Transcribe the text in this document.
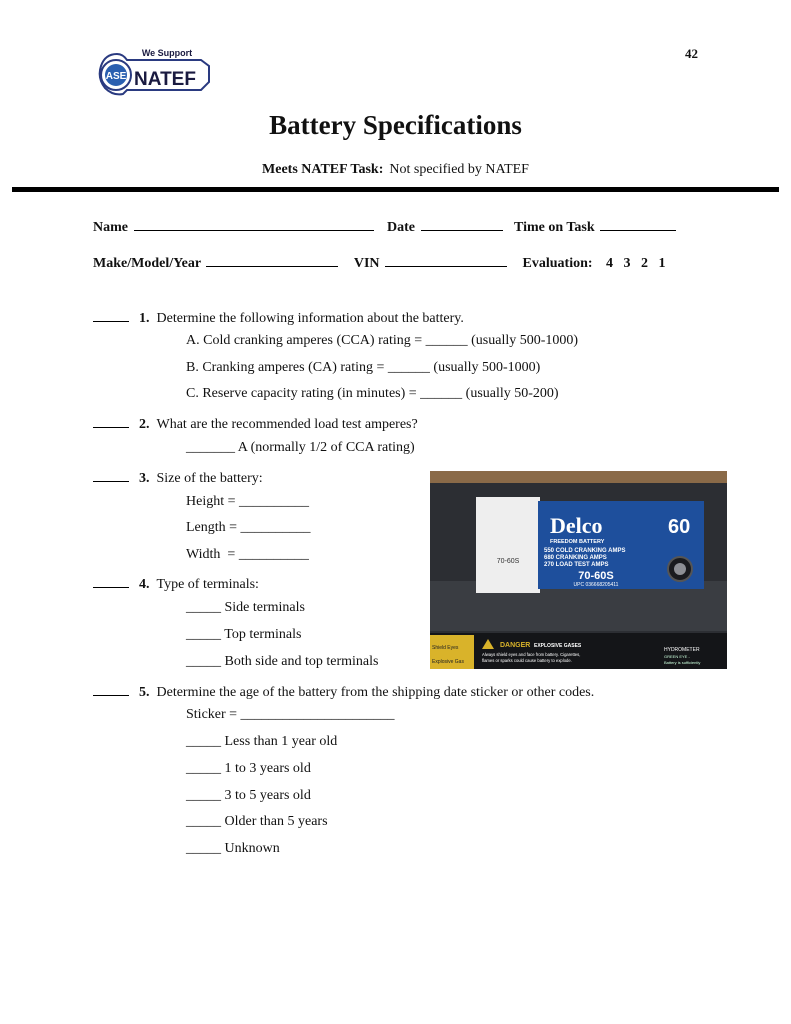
42
ASE NATEF
We Support
Battery Specifications
Meets NATEF Task: Not specified by NATEF
Name	Date	Time on Task
Make/Model/Year	VIN	Evaluation: 4   3   2   1
1. Determine the following information about the battery.
A. Cold cranking amperes (CCA) rating = ______ (usually 500-1000)
B. Cranking amperes (CA) rating = ______ (usually 500-1000)
C. Reserve capacity rating (in minutes) = ______ (usually 50-200)
2. What are the recommended load test amperes?
_______ A (normally 1/2 of CCA rating)
3. Size of the battery:
Height = __________
Length = __________
Width  = __________
4. Type of terminals:
_____ Side terminals
_____ Top terminals
_____ Both side and top terminals
5. Determine the age of the battery from the shipping date sticker or other codes.
Sticker = ______________________
_____ Less than 1 year old
_____ 1 to 3 years old
_____ 3 to 5 years old
_____ Older than 5 years
_____ Unknown
70-60S
Delco	60
FREEDOM BATTERY
550 COLD CRANKING AMPS
680 CRANKING AMPS
270 LOAD TEST AMPS
70-60S
UPC 036668205411
Shield Eyes
Explosive Gas
DANGER EXPLOSIVE GASES
Always shield eyes and face from battery. Cigarettes,
flames or sparks could cause battery to explode.
HYDROMETER
GREEN EYE -
Battery is sufficiently
